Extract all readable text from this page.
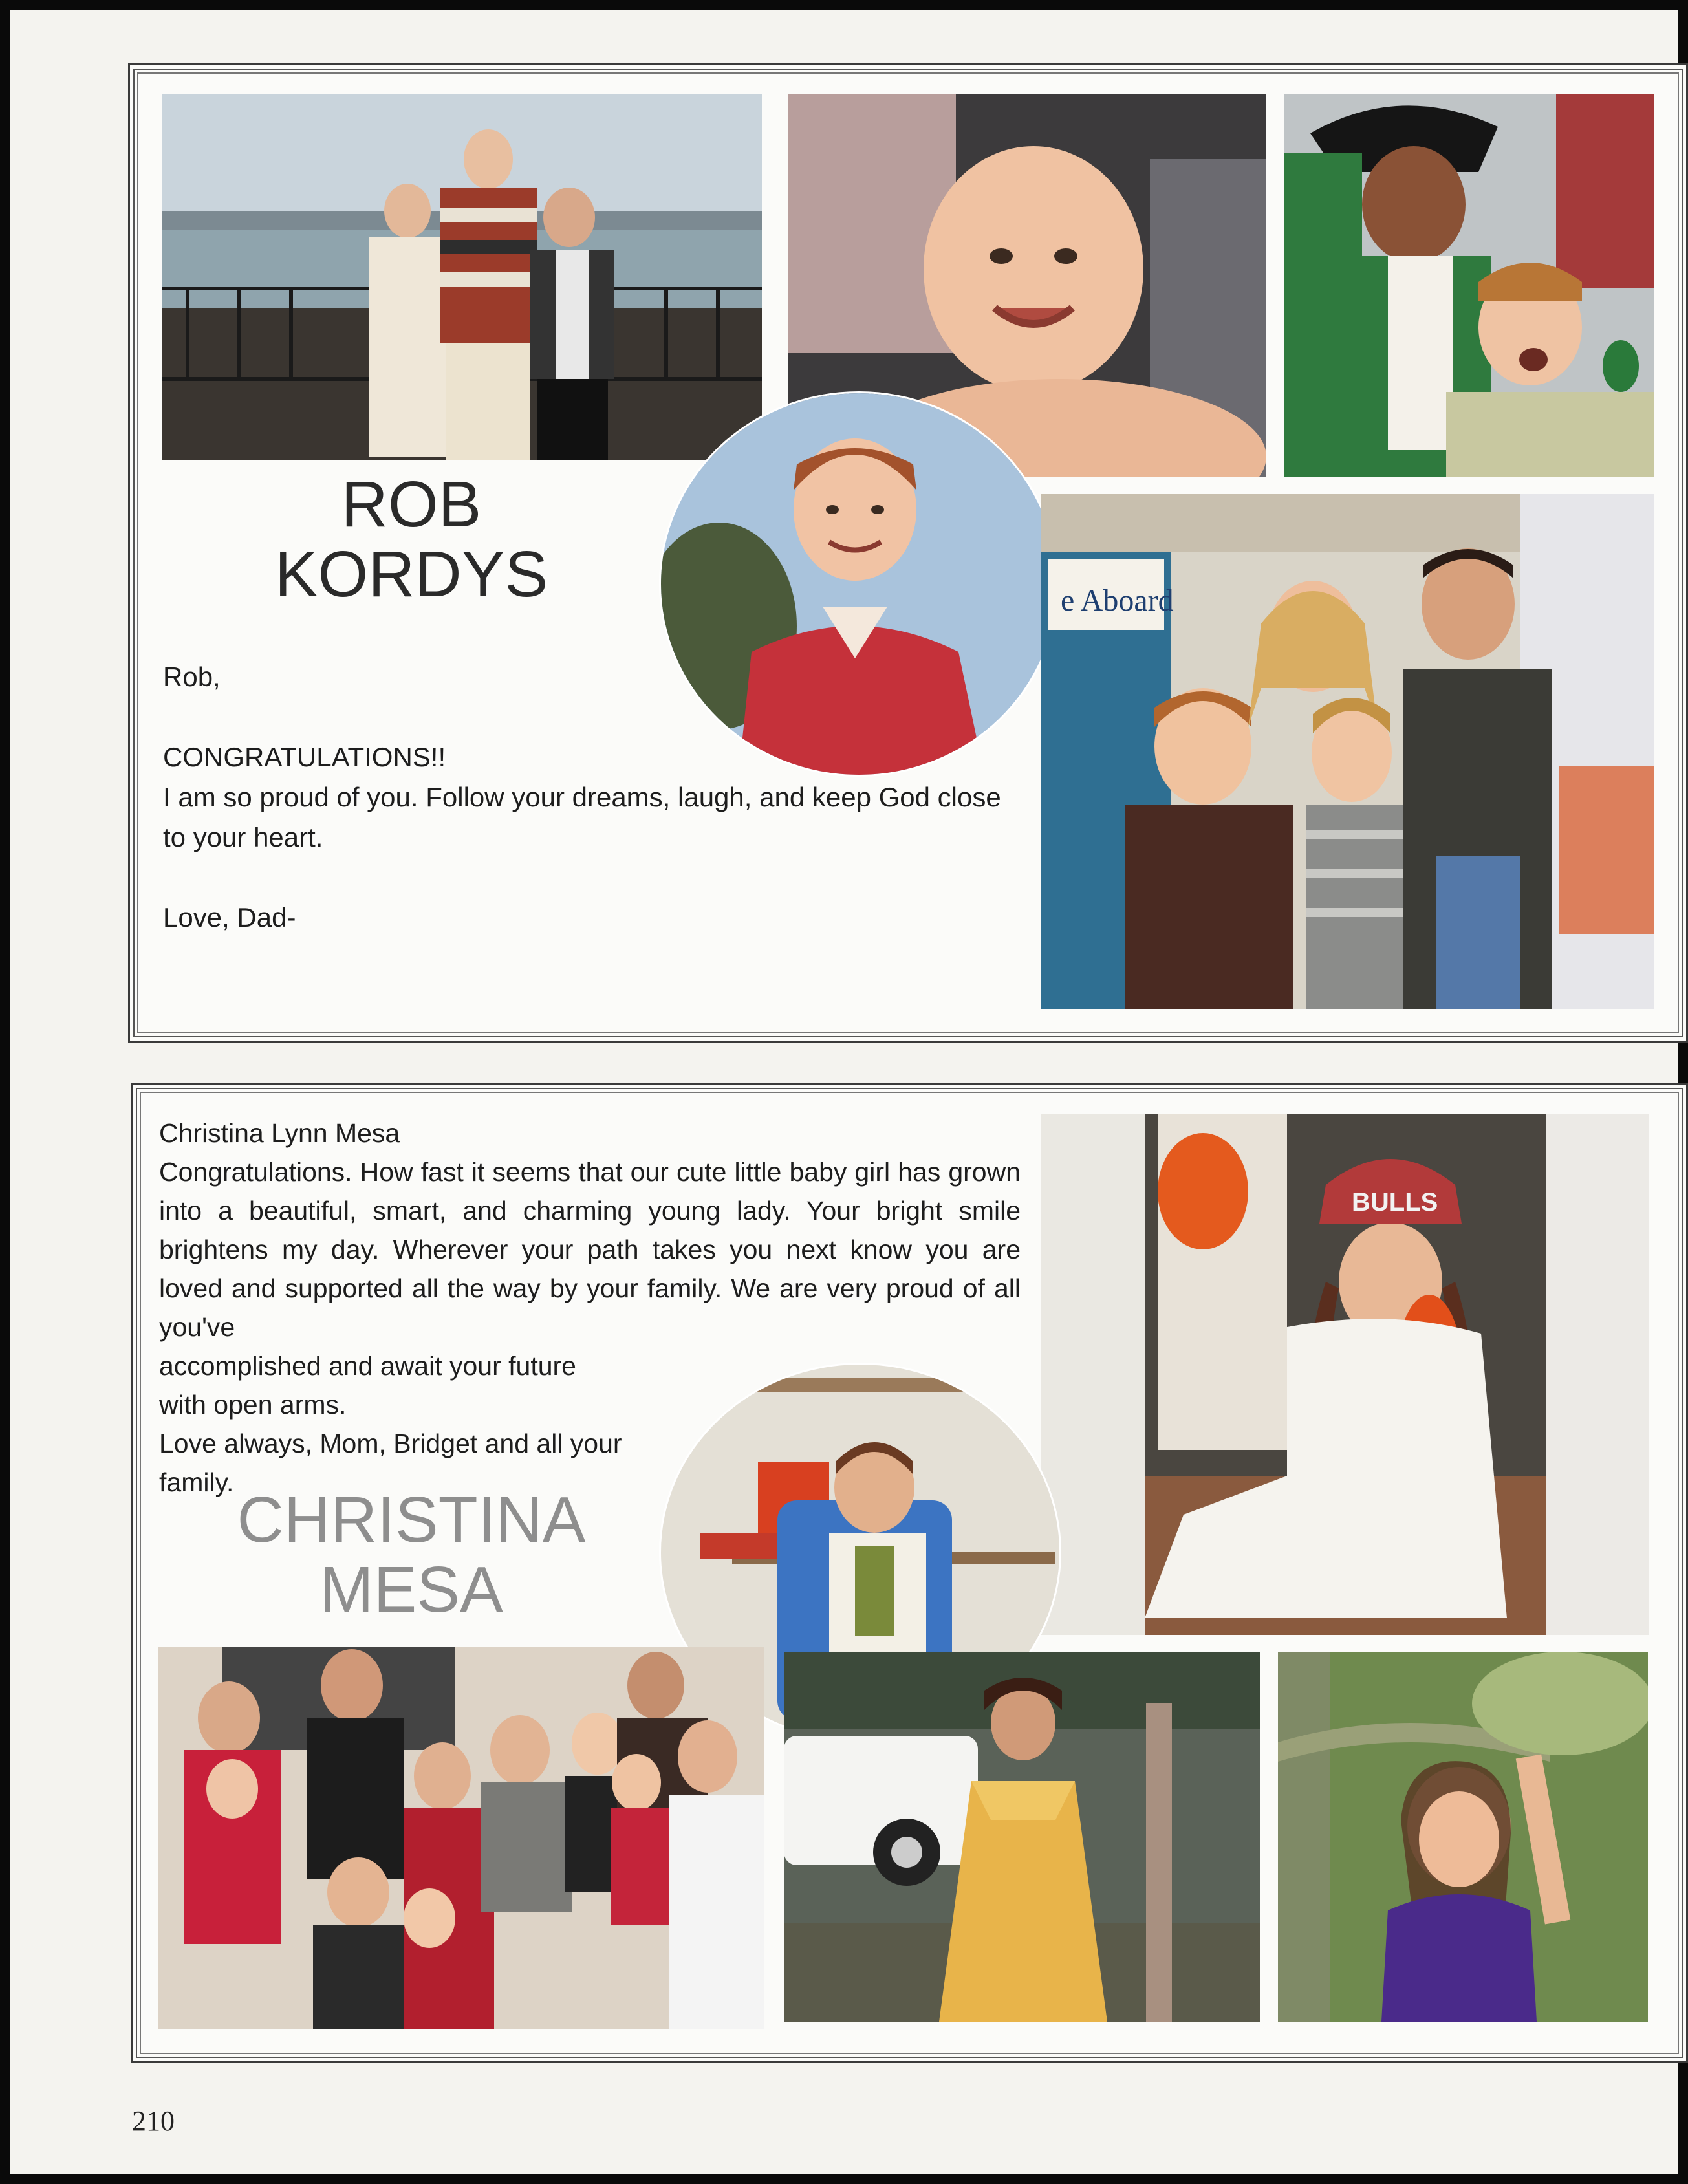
e Aboard
ROB
KORDYS

Rob,

CONGRATULATIONS!!

I am so proud of you. Follow your dreams, laugh, and keep God close to your heart.

Love, Dad-

BULLS

Christina Lynn Mesa

Congratulations. How fast it seems that our cute little baby girl has grown into a beautiful, smart, and charming young lady. Your bright smile brightens my day. Wherever your path takes you next know you are loved and supported all the way by your family. We are very proud of all you've

accomplished and await your future

with open arms.

Love always, Mom, Bridget and all your

family.

CHRISTINA
MESA
210
